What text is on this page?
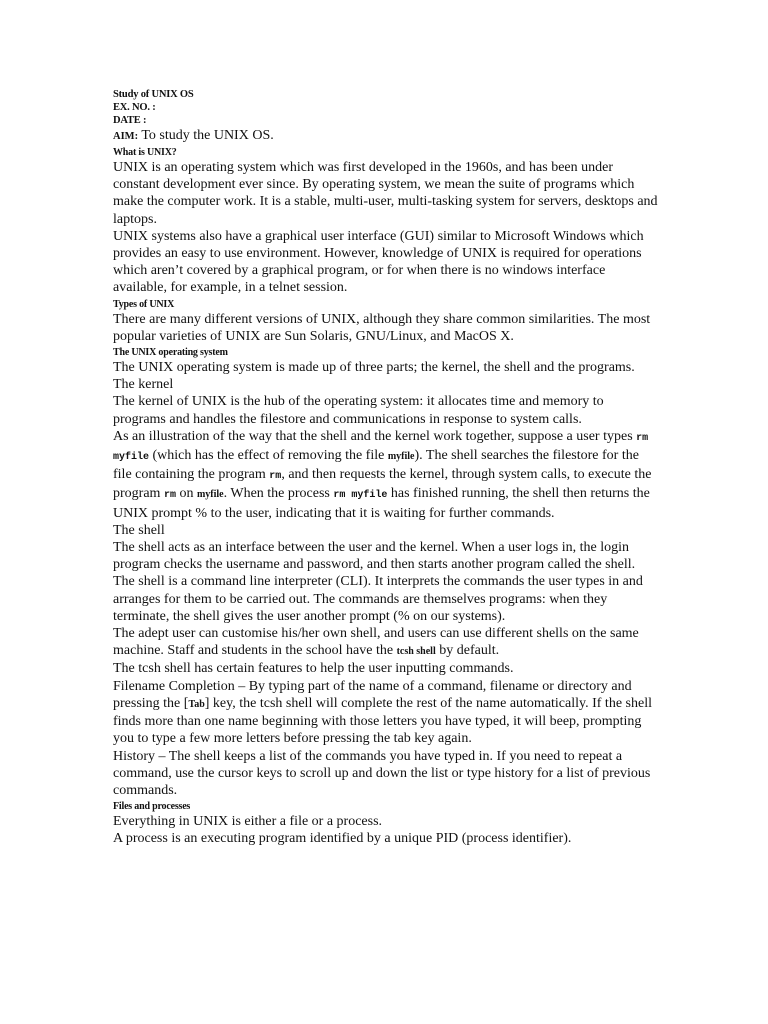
Study of UNIX OS
EX. NO. :
DATE :
AIM: To study the UNIX OS.
What is UNIX?

UNIX is an operating system which was first developed in the 1960s, and has been under constant development ever since. By operating system, we mean the suite of programs which make the computer work. It is a stable, multi-user, multi-tasking system for servers, desktops and laptops.

UNIX systems also have a graphical user interface (GUI) similar to Microsoft Windows which provides an easy to use environment. However, knowledge of UNIX is required for operations which aren’t covered by a graphical program, or for when there is no windows interface available, for example, in a telnet session.

Types of UNIX

There are many different versions of UNIX, although they share common similarities. The most popular varieties of UNIX are Sun Solaris, GNU/Linux, and MacOS X.

The UNIX operating system

The UNIX operating system is made up of three parts; the kernel, the shell and the programs.

The kernel

The kernel of UNIX is the hub of the operating system: it allocates time and memory to programs and handles the filestore and communications in response to system calls.

As an illustration of the way that the shell and the kernel work together, suppose a user types rm myfile (which has the effect of removing the file myfile). The shell searches the filestore for the file containing the program rm, and then requests the kernel, through system calls, to execute the program rm on myfile. When the process rm myfile has finished running, the shell then returns the UNIX prompt % to the user, indicating that it is waiting for further commands.

The shell

The shell acts as an interface between the user and the kernel. When a user logs in, the login program checks the username and password, and then starts another program called the shell. The shell is a command line interpreter (CLI). It interprets the commands the user types in and arranges for them to be carried out. The commands are themselves programs: when they terminate, the shell gives the user another prompt (% on our systems).

The adept user can customise his/her own shell, and users can use different shells on the same machine. Staff and students in the school have the tcsh shell by default.

The tcsh shell has certain features to help the user inputting commands.

Filename Completion – By typing part of the name of a command, filename or directory and pressing the [Tab] key, the tcsh shell will complete the rest of the name automatically. If the shell finds more than one name beginning with those letters you have typed, it will beep, prompting you to type a few more letters before pressing the tab key again.

History – The shell keeps a list of the commands you have typed in. If you need to repeat a command, use the cursor keys to scroll up and down the list or type history for a list of previous commands.

Files and processes

Everything in UNIX is either a file or a process.

A process is an executing program identified by a unique PID (process identifier).
